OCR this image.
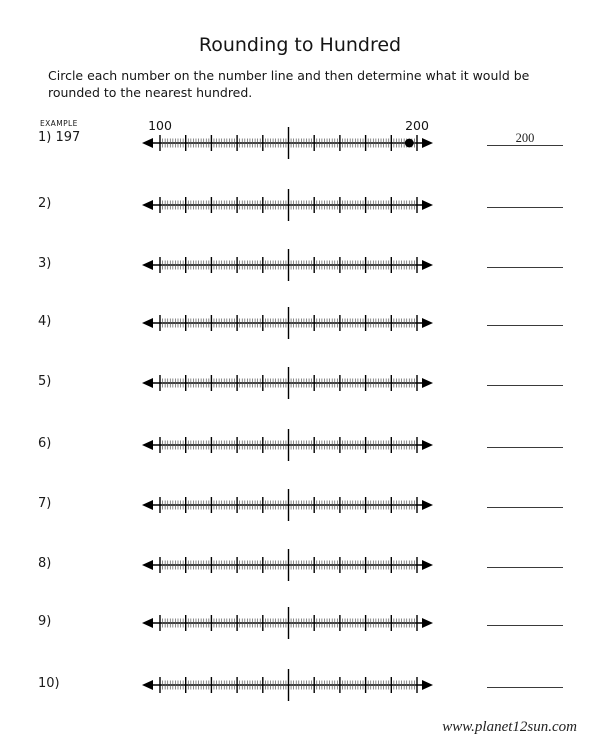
Rounding to Hundred

Circle each number on the number line and then determine what it would be rounded to the nearest hundred.

EXAMPLE
1) 197
100	200
200
2)
3)
4)
5)
6)
7)
8)
9)
10)
www.planet12sun.com
